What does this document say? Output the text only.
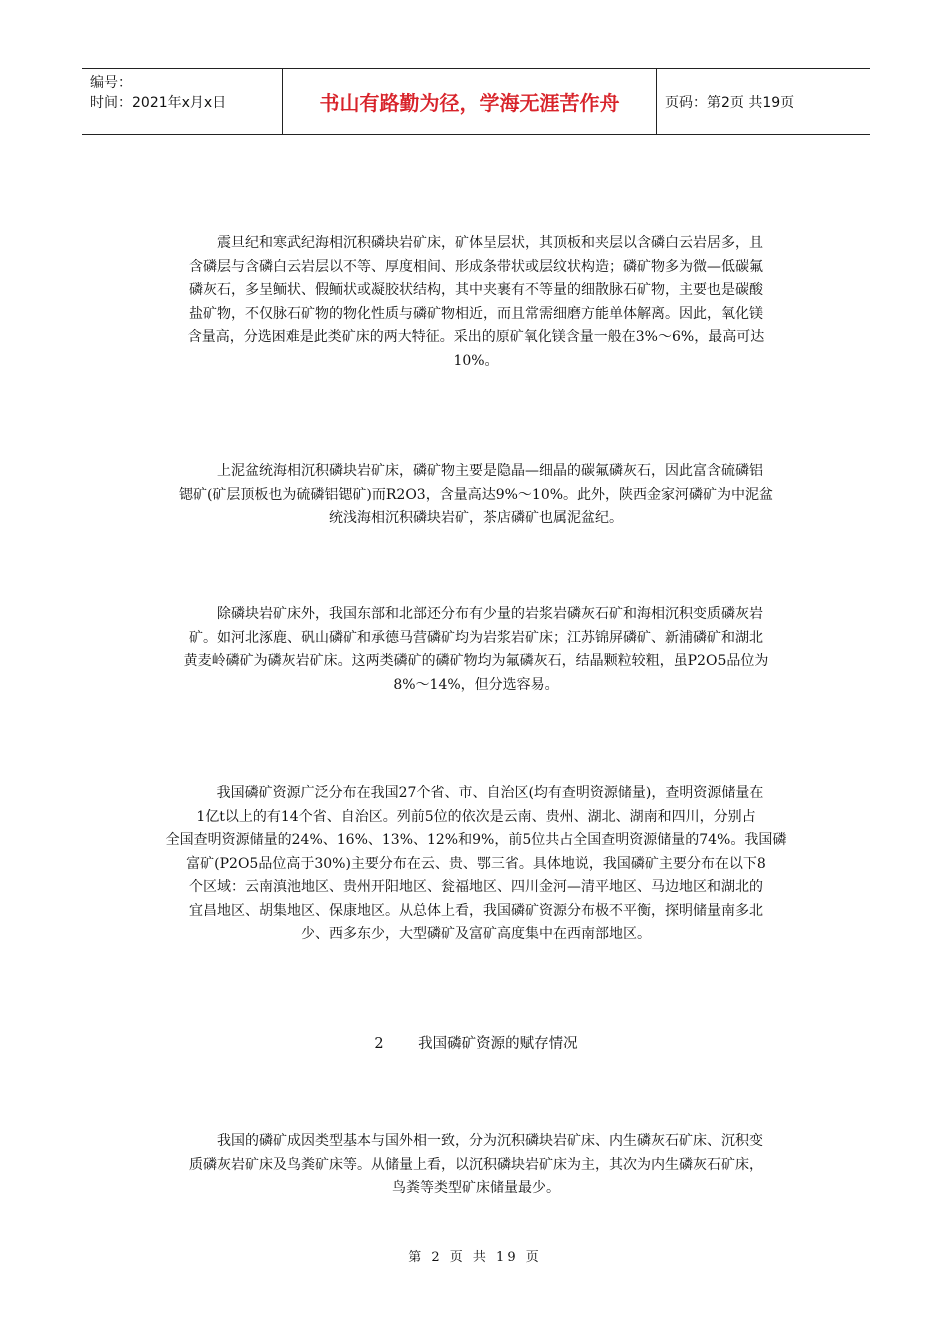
编号：
时间：2021年x月x日	书山有路勤为径，学海无涯苦作舟	页码：第2页 共19页

　　震旦纪和寒武纪海相沉积磷块岩矿床，矿体呈层状，其顶板和夹层以含磷白云岩居多，且

含磷层与含磷白云岩层以不等、厚度相间、形成条带状或层纹状构造；磷矿物多为微—低碳氟

磷灰石，多呈鲕状、假鲕状或凝胶状结构，其中夹裹有不等量的细散脉石矿物，主要也是碳酸

盐矿物，不仅脉石矿物的物化性质与磷矿物相近，而且常需细磨方能单体解离。因此，氧化镁

含量高，分选困难是此类矿床的两大特征。采出的原矿氧化镁含量一般在3%～6%，最高可达

10%。

　　上泥盆统海相沉积磷块岩矿床，磷矿物主要是隐晶—细晶的碳氟磷灰石，因此富含硫磷铝

锶矿(矿层顶板也为硫磷铝锶矿)而R2O3，含量高达9%～10%。此外，陕西金家河磷矿为中泥盆

统浅海相沉积磷块岩矿，茶店磷矿也属泥盆纪。

　　除磷块岩矿床外，我国东部和北部还分布有少量的岩浆岩磷灰石矿和海相沉积变质磷灰岩

矿。如河北涿鹿、矾山磷矿和承德马营磷矿均为岩浆岩矿床；江苏锦屏磷矿、新浦磷矿和湖北

黄麦岭磷矿为磷灰岩矿床。这两类磷矿的磷矿物均为氟磷灰石，结晶颗粒较粗，虽P2O5品位为

8%～14%，但分选容易。

　　我国磷矿资源广泛分布在我国27个省、市、自治区(均有查明资源储量)，查明资源储量在

1亿t以上的有14个省、自治区。列前5位的依次是云南、贵州、湖北、湖南和四川，分别占

全国查明资源储量的24%、16%、13%、12%和9%，前5位共占全国查明资源储量的74%。我国磷

富矿(P2O5品位高于30%)主要分布在云、贵、鄂三省。具体地说，我国磷矿主要分布在以下8

个区域：云南滇池地区、贵州开阳地区、瓮福地区、四川金河—清平地区、马边地区和湖北的

宜昌地区、胡集地区、保康地区。从总体上看，我国磷矿资源分布极不平衡，探明储量南多北

少、西多东少，大型磷矿及富矿高度集中在西南部地区。

2 我国磷矿资源的赋存情况

　　我国的磷矿成因类型基本与国外相一致，分为沉积磷块岩矿床、内生磷灰石矿床、沉积变

质磷灰岩矿床及鸟粪矿床等。从储量上看，以沉积磷块岩矿床为主，其次为内生磷灰石矿床，

鸟粪等类型矿床储量最少。

第 2 页 共 19 页
